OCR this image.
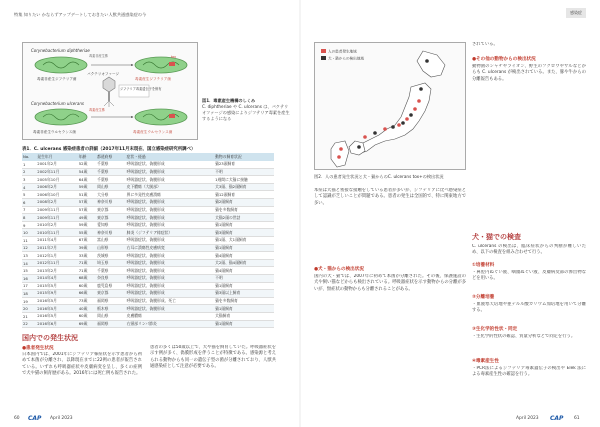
特集 知りたい かならずアップデートしておきたい人獣共通感染症の今
Corynebacterium diphtheriae
毒素非産生ジフテリア菌	毒素産生ジフテリア菌
バクテリオファージ
ジフテリア毒素遺伝子を保有
Corynebacterium ulcerans
毒素非産生ウルセランス菌	毒素産生ウルセランス菌
tox
毒素非産生株
毒素産生株
図1．毒素産生機構のしくみ
C. diphtheriae や C. ulcerans は、バクテリオファージの感染によりジフテリア毒素を産生するようになる
表1．C. ulcerans 感染症患者の詳細（2017年11月末現在、国立感染症研究所調べ）
No.	発生年月	年齢	都道府県	症状・経過	動物の飼育状況
1	2001年2月	52歳	千葉県	呼吸器症状、偽膜形成	猫23頭飼育
2	2002年11月	54歳	千葉県	呼吸器症状、偽膜形成	不明
3	2005年10月	64歳	千葉県	呼吸器症状、偽膜形成	1週間に犬猫に接触
4	2006年2月	59歳	岡山県	皮下膿瘍（大腿部）	犬3頭、猫2頭飼育
5	2006年10月	51歳	大分県	鼻に多発性皮膚潰瘍	猫12頭飼育
6	2008年2月	57歳	神奈川県	呼吸器症状、偽膜形成	猫2頭飼育
7	2009年11月	57歳	東京都	呼吸器症状、偽膜形成	猫を多数飼育
8	2009年11月	49歳	東京都	呼吸器症状、偽膜形成	犬猫2頭の世話
9	2010年2月	59歳	愛知県	呼吸器症状、偽膜形成	猫1頭飼育
10	2010年11月	55歳	神奈川県	肺炎（ジフテリア様症状）	猫3頭飼育
11	2011年4月	67歳	富山県	呼吸器症状、偽膜形成	猫1頭、犬1頭飼育
12	2011年7月	39歳	山形県	右耳に潰瘍性皮膚病変	猫1頭飼育
13	2012年1月	33歳	茨城県	呼吸器症状、偽膜形成	猫4頭飼育
14	2012年11月	71歳	埼玉県	呼吸器症状、偽膜形成	犬2頭、猫4頭飼育
15	2013年2月	71歳	千葉県	呼吸器症状、偽膜形成	猫4頭飼育
16	2014年4月	68歳	奈良県	呼吸器症状、偽膜形成	不明
17	2015年5月	60歳	鹿児島県	呼吸器症状、偽膜形成	猫1頭飼育
18	2015年9月	66歳	東京都	呼吸器症状、偽膜形成	猫3頭以上飼育
19	2016年5月	73歳	福岡県	呼吸器症状、偽膜形成、死亡	猫を多数飼育
20	2016年5月	40歳	栃木県	呼吸器症状、偽膜形成	猫1頭飼育
21	2016年5月	60歳	岡山県	皮膚膿瘍	犬猫飼育
22	2016年6月	69歳	福岡県	右頸部リンパ節炎	猫1頭飼育
国内での発生状況
●患者発生状況
日本国内では、2001年にジフテリア様症状を示す患者から初めて本菌が分離され、以降現在までに22例の患者が報告されている。いずれも呼吸器症状や皮膚病変を呈し、多くの症例で犬や猫の飼育歴がある。2016年には死亡例も報告された。
患者の多くは50歳以上で、犬や猫を飼育していた。呼吸器症状を示す例が多く、偽膜形成を伴うことが特徴である。感染源と考えられる動物からも同一の遺伝子型の菌が分離されており、人獣共通感染症として注意が必要である。
60 CAP April 2023
感染症
人の患者発生地域
犬・猫からの検出地域
図2．人の患者発生状況と犬・猫からのC. ulcerans tox+の検出状況
本症は犬猫と密接な接触をしている患者が多いが、ジフテリアに比べ感染症として認識が乏しいことが問題である。患者の発生は全国的で、特に関東地方で多い。
●犬・猫からの検出状況
国内の犬・猫では、2007年に初めて本菌が分離された。その後、保護施設の犬や飼い猫などからも検出されている。呼吸器症状を示す動物からの分離が多いが、無症状の動物からも分離されることがある。
されている。
●その他の動物からの検出状況
動物園のシャチやライオン、野生のフクロウやサルなどからも C. ulcerans が検出されている。また、豚や牛からの分離報告もある。
犬・猫での検査
C. ulcerans の検出は、臨床症状からの判断が難しいため、以下の検査を組み合わせて行う。
①培養材料
・鼻腔内ぬぐい液、咽頭ぬぐい液、皮膚病変部の滲出物などを用いる。
②分離培養
・血液寒天培地や亜テルル酸カリウム加培地を用いて分離する。
③生化学的性状・同定
・生化学的性状の確認、質量分析などで同定を行う。
④毒素産生性
・PCR法によるジフテリア毒素遺伝子の検出や Elek 法による毒素産生性の確認を行う。
April 2023 CAP 61
